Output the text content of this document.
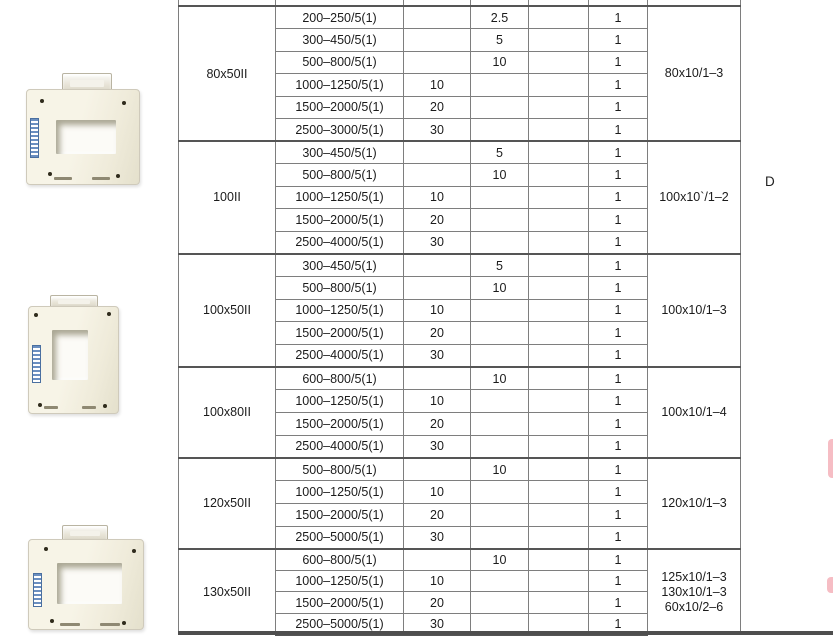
80x50II	200–250/5(1)		2.5		1	80x10/1–3

	300–450/5(1)		5		1	
	500–800/5(1)		10		1	
	1000–1250/5(1)	10			1	
	1500–2000/5(1)	20			1	
	2500–3000/5(1)	30			1	
100II	300–450/5(1)		5		1	100x10`/1–2

	500–800/5(1)		10		1	
	1000–1250/5(1)	10			1	
	1500–2000/5(1)	20			1	
	2500–4000/5(1)	30			1	
100x50II	300–450/5(1)		5		1	100x10/1–3

	500–800/5(1)		10		1	
	1000–1250/5(1)	10			1	
	1500–2000/5(1)	20			1	
	2500–4000/5(1)	30			1	
100x80II	600–800/5(1)		10		1	100x10/1–4

	1000–1250/5(1)	10			1	
	1500–2000/5(1)	20			1	
	2500–4000/5(1)	30			1	
120x50II	500–800/5(1)		10		1	120x10/1–3

	1000–1250/5(1)	10			1	
	1500–2000/5(1)	20			1	
	2500–5000/5(1)	30			1	
130x50II	600–800/5(1)		10		1	125x10/1–3
130x10/1–3
60x10/2–6

	1000–1250/5(1)	10			1	
	1500–2000/5(1)	20			1	
	2500–5000/5(1)	30			1	
D
